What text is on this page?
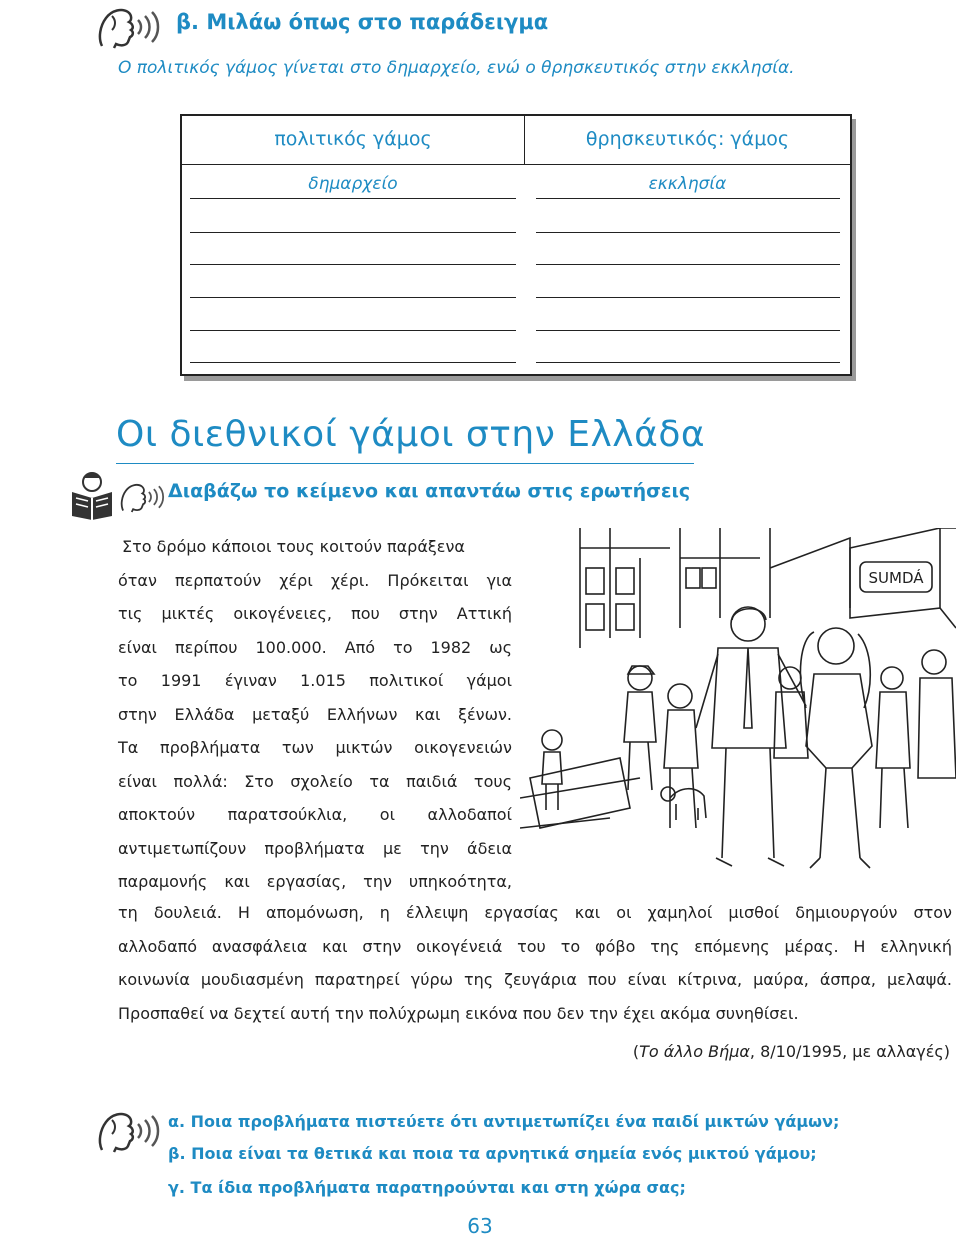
β. Μιλάω όπως στο παράδειγμα
Ο πολιτικός γάμος γίνεται στο δημαρχείο, ενώ ο θρησκευτικός στην εκκλησία.
πολιτικός γάμος	θρησκευτικός: γάμος
δημαρχείο	εκκλησία
Οι διεθνικοί γάμοι στην Ελλάδα
Διαβάζω το κείμενο και απαντάω στις ερωτήσεις
Στο δρόμο κάποιοι τους κοιτούν παράξενα
όταν περπατούν χέρι χέρι. Πρόκειται για
τις μικτές οικογένειες, που στην Αττική
είναι περίπου 100.000. Από το 1982 ως
το 1991 έγιναν 1.015 πολιτικοί γάμοι
στην Ελλάδα μεταξύ Ελλήνων και ξένων.
Τα προβλήματα των μικτών οικογενειών
είναι πολλά: Στο σχολείο τα παιδιά τους
αποκτούν παρατσούκλια, οι αλλοδαποί
αντιμετωπίζουν προβλήματα με την άδεια
παραμονής και εργασίας, την υπηκοότητα,
SUMDÁ
τη δουλειά. Η απομόνωση, η έλλειψη εργασίας και οι χαμηλοί μισθοί δημιουργούν στον
αλλοδαπό ανασφάλεια και στην οικογένειά του το φόβο της επόμενης μέρας. Η ελληνική
κοινωνία μουδιασμένη παρατηρεί γύρω της ζευγάρια που είναι κίτρινα, μαύρα, άσπρα, μελαψά.
Προσπαθεί να δεχτεί αυτή την πολύχρωμη εικόνα που δεν την έχει ακόμα συνηθίσει.
(Το άλλο Βήμα, 8/10/1995, με αλλαγές)
α. Ποια προβλήματα πιστεύετε ότι αντιμετωπίζει ένα παιδί μικτών γάμων;
β. Ποια είναι τα θετικά και ποια τα αρνητικά σημεία ενός μικτού γάμου;
γ. Τα ίδια προβλήματα παρατηρούνται και στη χώρα σας;
63
